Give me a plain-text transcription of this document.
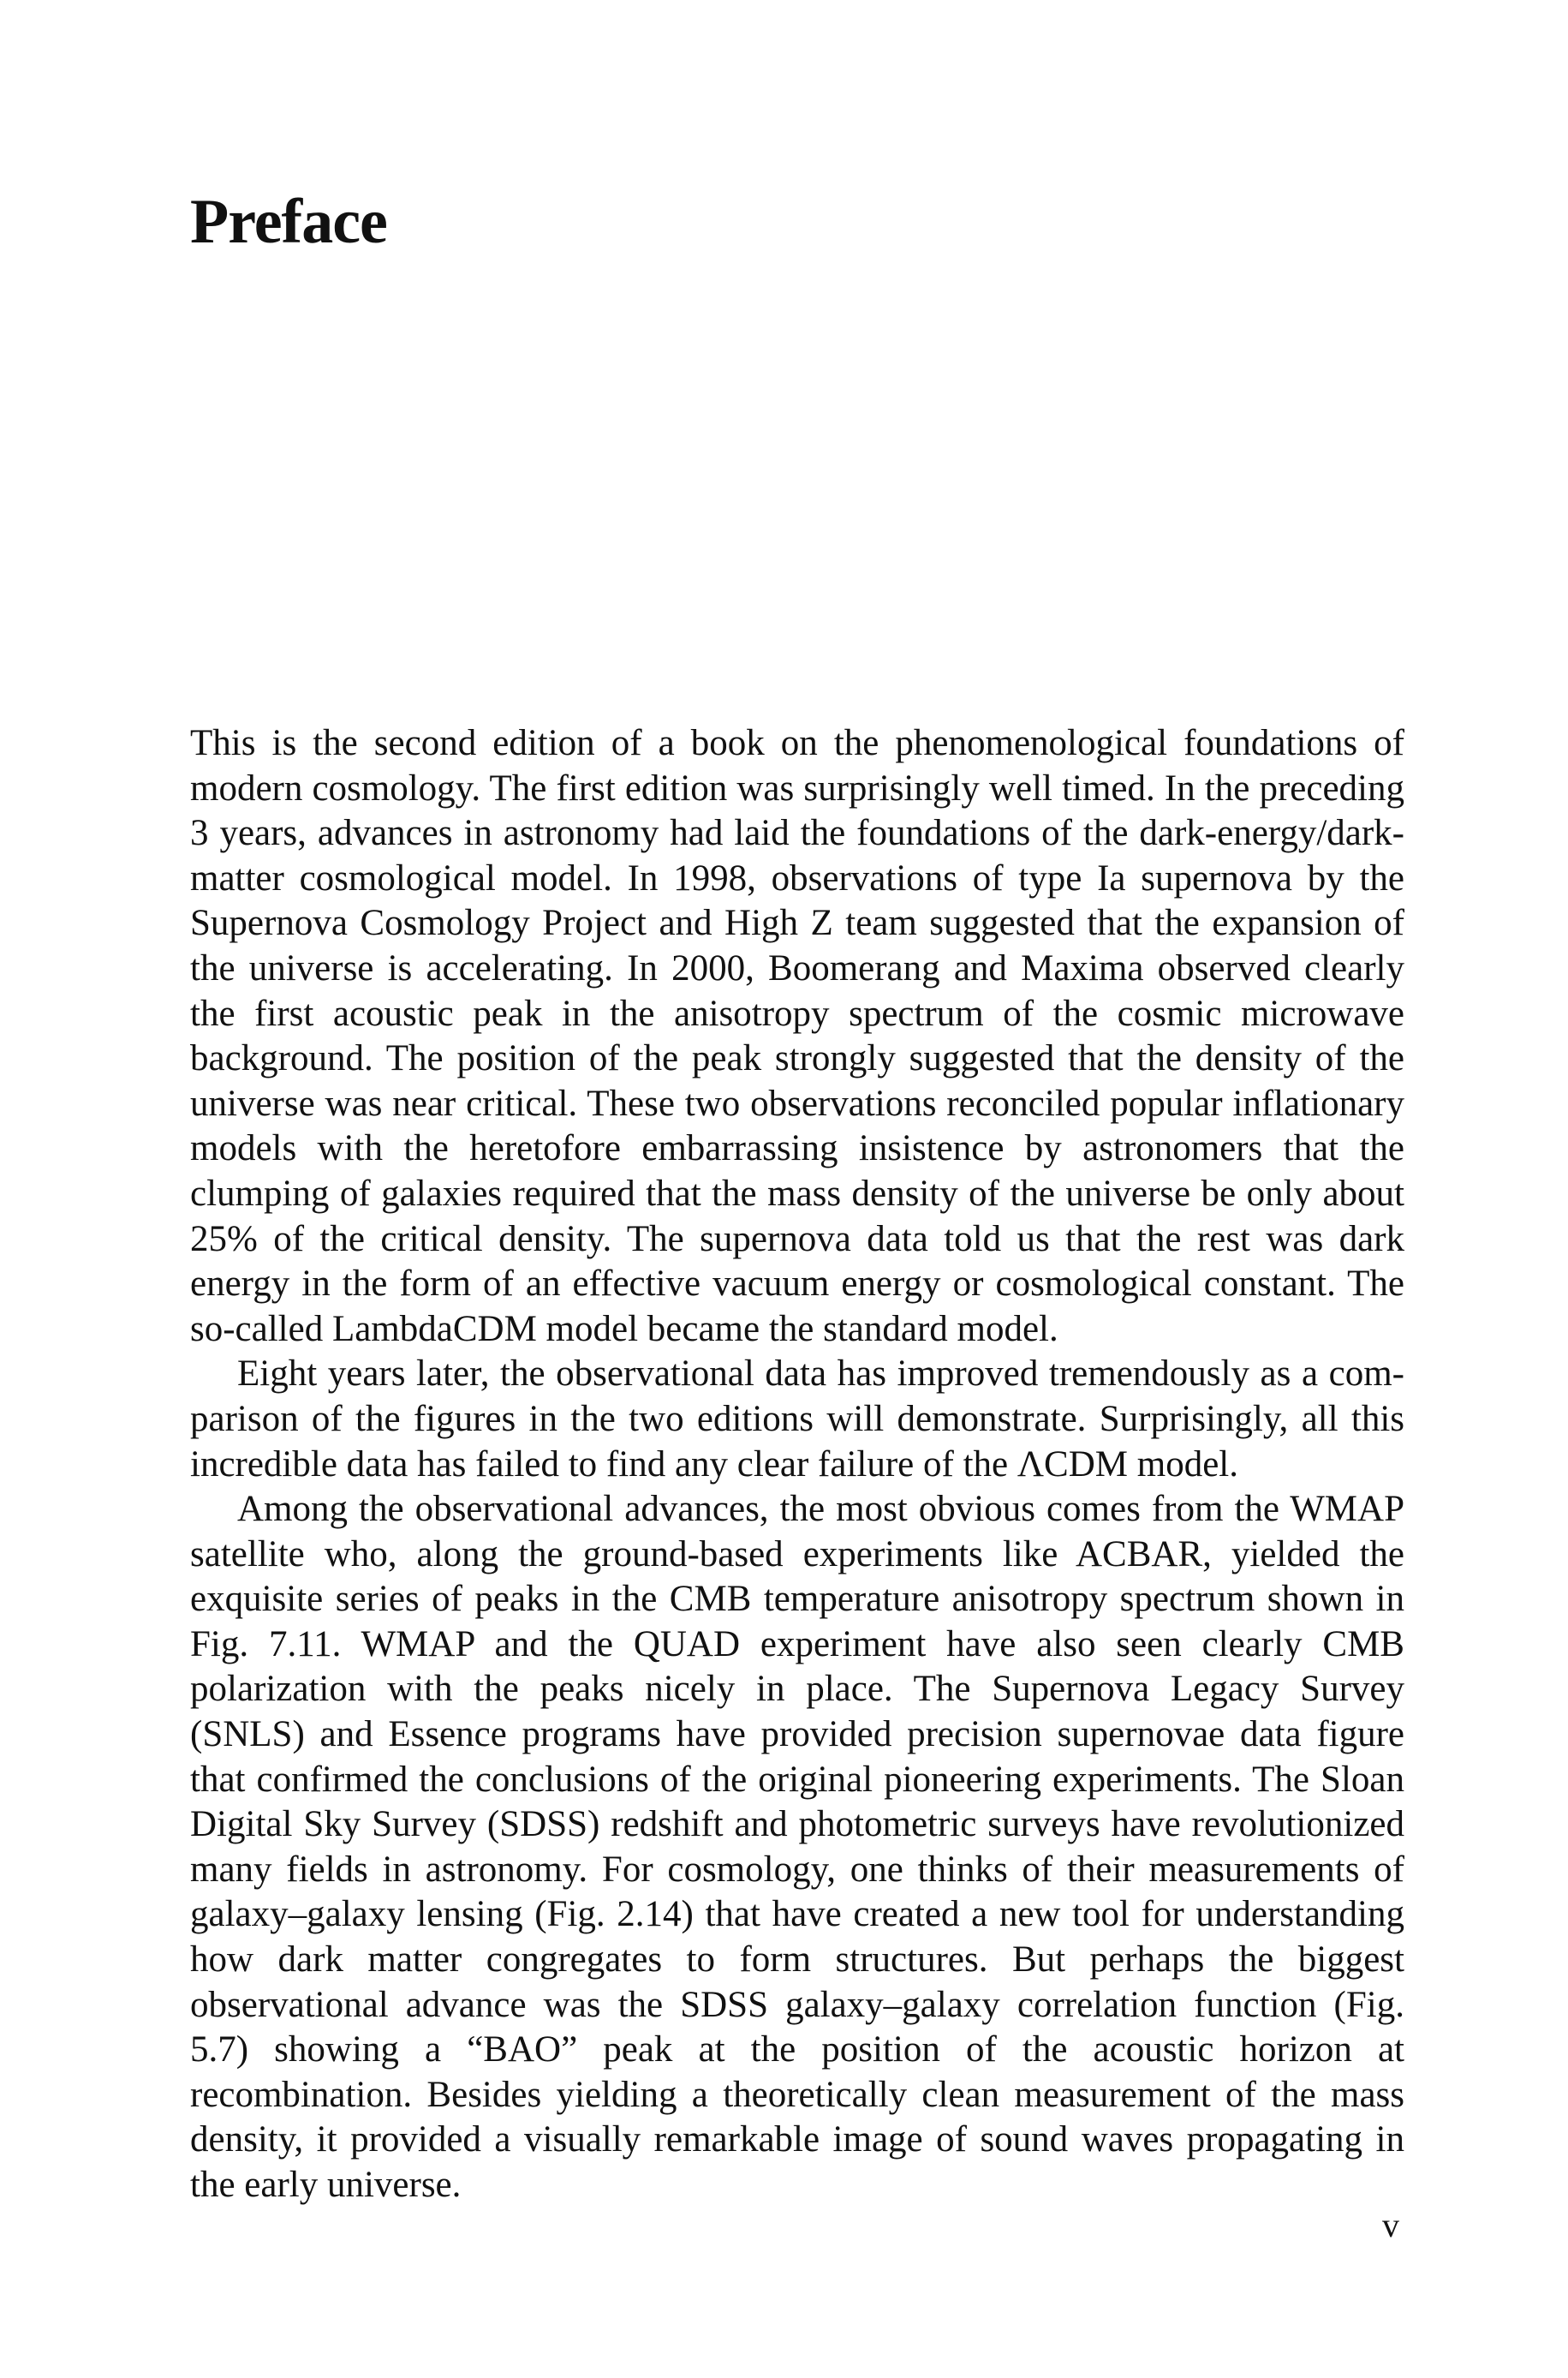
Preface

This is the second edition of a book on the phenomenological foundations of modern cosmology. The first edition was surprisingly well timed. In the preceding 3 years, advances in astronomy had laid the foundations of the dark-energy/dark-matter cosmological model. In 1998, observations of type Ia supernova by the Supernova Cosmology Project and High Z team suggested that the expansion of the universe is accelerating. In 2000, Boomerang and Maxima observed clearly the first acoustic peak in the anisotropy spectrum of the cosmic microwave background. The position of the peak strongly suggested that the density of the universe was near critical. These two observations reconciled popular inflationary models with the heretofore embarrassing insistence by astronomers that the clumping of galaxies required that the mass density of the universe be only about 25% of the critical density. The supernova data told us that the rest was dark energy in the form of an effective vacuum energy or cosmological constant. The so-called LambdaCDM model became the standard model.

Eight years later, the observational data has improved tremendously as a comparison of the figures in the two editions will demonstrate. Surprisingly, all this incredible data has failed to find any clear failure of the ΛCDM model.

Among the observational advances, the most obvious comes from the WMAP satellite who, along the ground-based experiments like ACBAR, yielded the exquisite series of peaks in the CMB temperature anisotropy spectrum shown in Fig. 7.11. WMAP and the QUAD experiment have also seen clearly CMB polarization with the peaks nicely in place. The Supernova Legacy Survey (SNLS) and Essence programs have provided precision supernovae data figure that confirmed the conclusions of the original pioneering experiments. The Sloan Digital Sky Survey (SDSS) redshift and photometric surveys have revolutionized many fields in astronomy. For cosmology, one thinks of their measurements of galaxy–galaxy lensing (Fig. 2.14) that have created a new tool for understanding how dark matter congregates to form structures. But perhaps the biggest observational advance was the SDSS galaxy–galaxy correlation function (Fig. 5.7) showing a “BAO” peak at the position of the acoustic horizon at recombination. Besides yielding a theoretically clean measurement of the mass density, it provided a visually remarkable image of sound waves propagating in the early universe.

v
